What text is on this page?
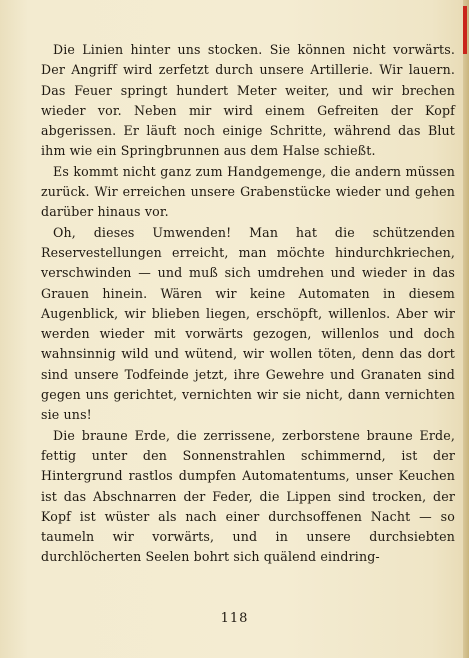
Die Linien hinter uns stocken. Sie können nicht vorwärts. Der Angriff wird zerfetzt durch unsere Artillerie. Wir lauern. Das Feuer springt hundert Meter weiter, und wir brechen wieder vor. Neben mir wird einem Gefreiten der Kopf abgerissen. Er läuft noch einige Schritte, während das Blut ihm wie ein Springbrunnen aus dem Halse schießt.

Es kommt nicht ganz zum Handgemenge, die andern müssen zurück. Wir erreichen unsere Grabenstücke wieder und gehen darüber hinaus vor.

Oh, dieses Umwenden! Man hat die schützenden Reservestellungen erreicht, man möchte hindurchkriechen, verschwinden — und muß sich umdrehen und wieder in das Grauen hinein. Wären wir keine Automaten in diesem Augenblick, wir blieben liegen, erschöpft, willenlos. Aber wir werden wieder mit vorwärts gezogen, willenlos und doch wahnsinnig wild und wütend, wir wollen töten, denn das dort sind unsere Todfeinde jetzt, ihre Gewehre und Granaten sind gegen uns gerichtet, vernichten wir sie nicht, dann vernichten sie uns!

Die braune Erde, die zerrissene, zerborstene braune Erde, fettig unter den Sonnenstrahlen schimmernd, ist der Hintergrund rastlos dumpfen Automatentums, unser Keuchen ist das Abschnarren der Feder, die Lippen sind trocken, der Kopf ist wüster als nach einer durchsoffenen Nacht — so taumeln wir vorwärts, und in unsere durchsiebten durchlöcherten Seelen bohrt sich quälend eindring-

118
